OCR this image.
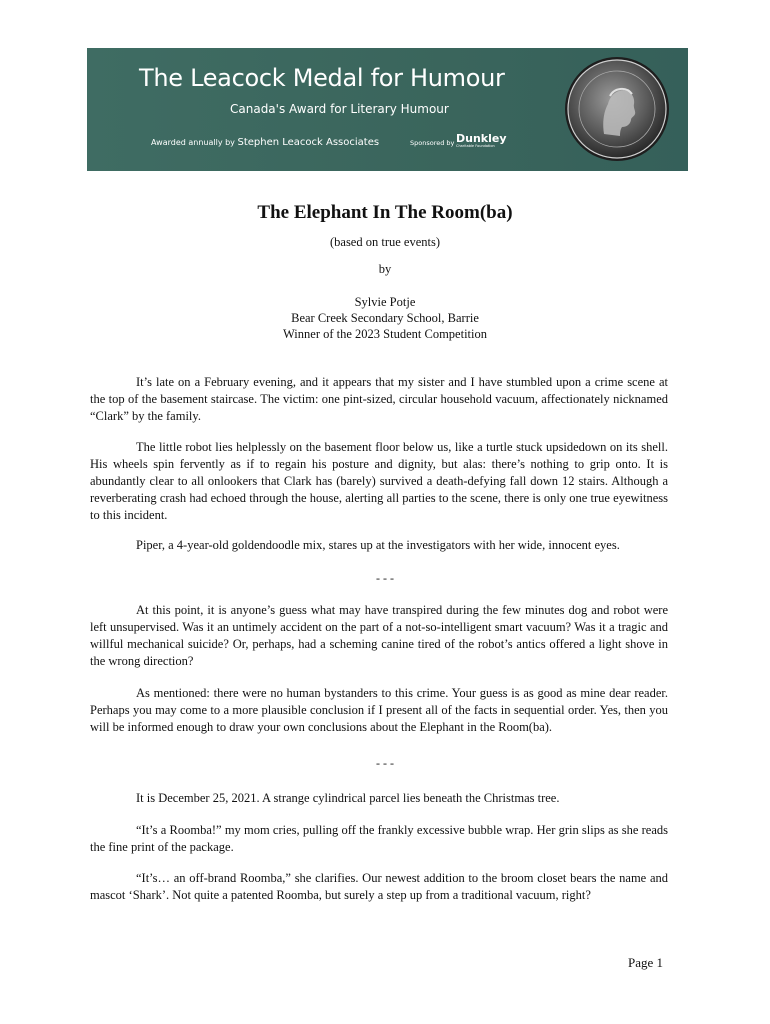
The Leacock Medal for Humour
Canada's Award for Literary Humour
Awarded annually by Stephen Leacock Associates	Sponsored by Dunkley
Charitable Foundation
The Elephant In The Room(ba)
(based on true events)
by
Sylvie Potje
Bear Creek Secondary School, Barrie
Winner of the 2023 Student Competition
It’s late on a February evening, and it appears that my sister and I have stumbled upon a crime scene at the top of the basement staircase. The victim: one pint-sized, circular household vacuum, affectionately nicknamed “Clark” by the family.
The little robot lies helplessly on the basement floor below us, like a turtle stuck upsidedown on its shell. His wheels spin fervently as if to regain his posture and dignity, but alas: there’s nothing to grip onto. It is abundantly clear to all onlookers that Clark has (barely) survived a death-defying fall down 12 stairs. Although a reverberating crash had echoed through the house, alerting all parties to the scene, there is only one true eyewitness to this incident.
Piper, a 4-year-old goldendoodle mix, stares up at the investigators with her wide, innocent eyes.
- - -
At this point, it is anyone’s guess what may have transpired during the few minutes dog and robot were left unsupervised. Was it an untimely accident on the part of a not-so-intelligent smart vacuum? Was it a tragic and willful mechanical suicide? Or, perhaps, had a scheming canine tired of the robot’s antics offered a light shove in the wrong direction?
As mentioned: there were no human bystanders to this crime. Your guess is as good as mine dear reader. Perhaps you may come to a more plausible conclusion if I present all of the facts in sequential order. Yes, then you will be informed enough to draw your own conclusions about the Elephant in the Room(ba).
- - -
It is December 25, 2021. A strange cylindrical parcel lies beneath the Christmas tree.
“It’s a Roomba!” my mom cries, pulling off the frankly excessive bubble wrap. Her grin slips as she reads the fine print of the package.
“It’s… an off-brand Roomba,” she clarifies. Our newest addition to the broom closet bears the name and mascot ‘Shark’. Not quite a patented Roomba, but surely a step up from a traditional vacuum, right?
Page 1
